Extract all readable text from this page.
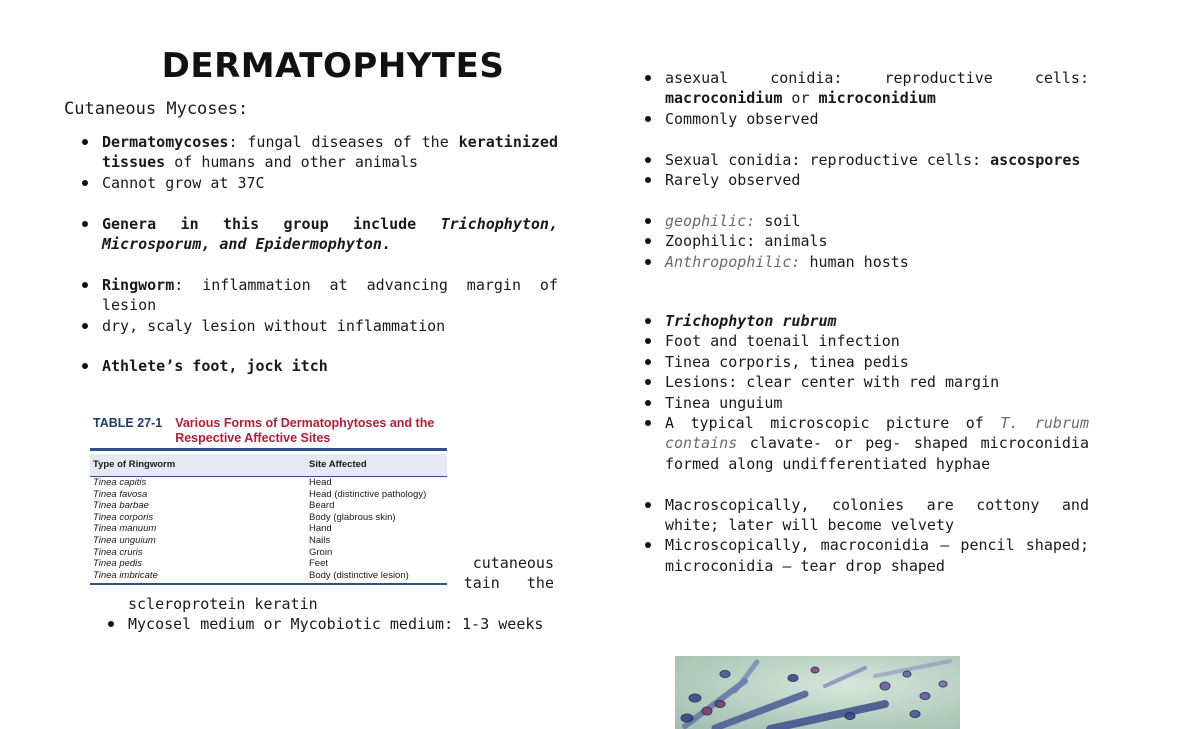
DERMATOPHYTES
Cutaneous Mycoses:
Dermatomycoses: fungal diseases of the keratinized tissues of humans and other animals
Cannot grow at 37C
Genera in this group include Trichophyton, Microsporum, and Epidermophyton.
Ringworm: inflammation at advancing margin of lesion
dry, scaly lesion without inflammation
Athlete’s foot, jock itch
cutaneous
tain   the
scleroprotein keratin
Mycosel medium or Mycobiotic medium: 1-3 weeks
TABLE 27-1 Various Forms of Dermatophytoses and the Respective Affective Sites
Type of Ringworm	Site Affected
Tinea capitis	Head
Tinea favosa	Head (distinctive pathology)
Tinea barbae	Beard
Tinea corporis	Body (glabrous skin)
Tinea manuum	Hand
Tinea unguium	Nails
Tinea cruris	Groin
Tinea pedis	Feet
Tinea imbricate	Body (distinctive lesion)
asexual conidia: reproductive cells: macroconidium or microconidium
Commonly observed
Sexual conidia: reproductive cells: ascospores
Rarely observed
geophilic: soil
Zoophilic: animals
Anthropophilic: human hosts
Trichophyton rubrum
Foot and toenail infection
Tinea corporis, tinea pedis
Lesions: clear center with red margin
Tinea unguium
A typical microscopic picture of T. rubrum contains clavate- or peg- shaped microconidia formed along undifferentiated hyphae
Macroscopically, colonies are cottony and white; later will become velvety
Microscopically, macroconidia – pencil shaped; microconidia – tear drop shaped
